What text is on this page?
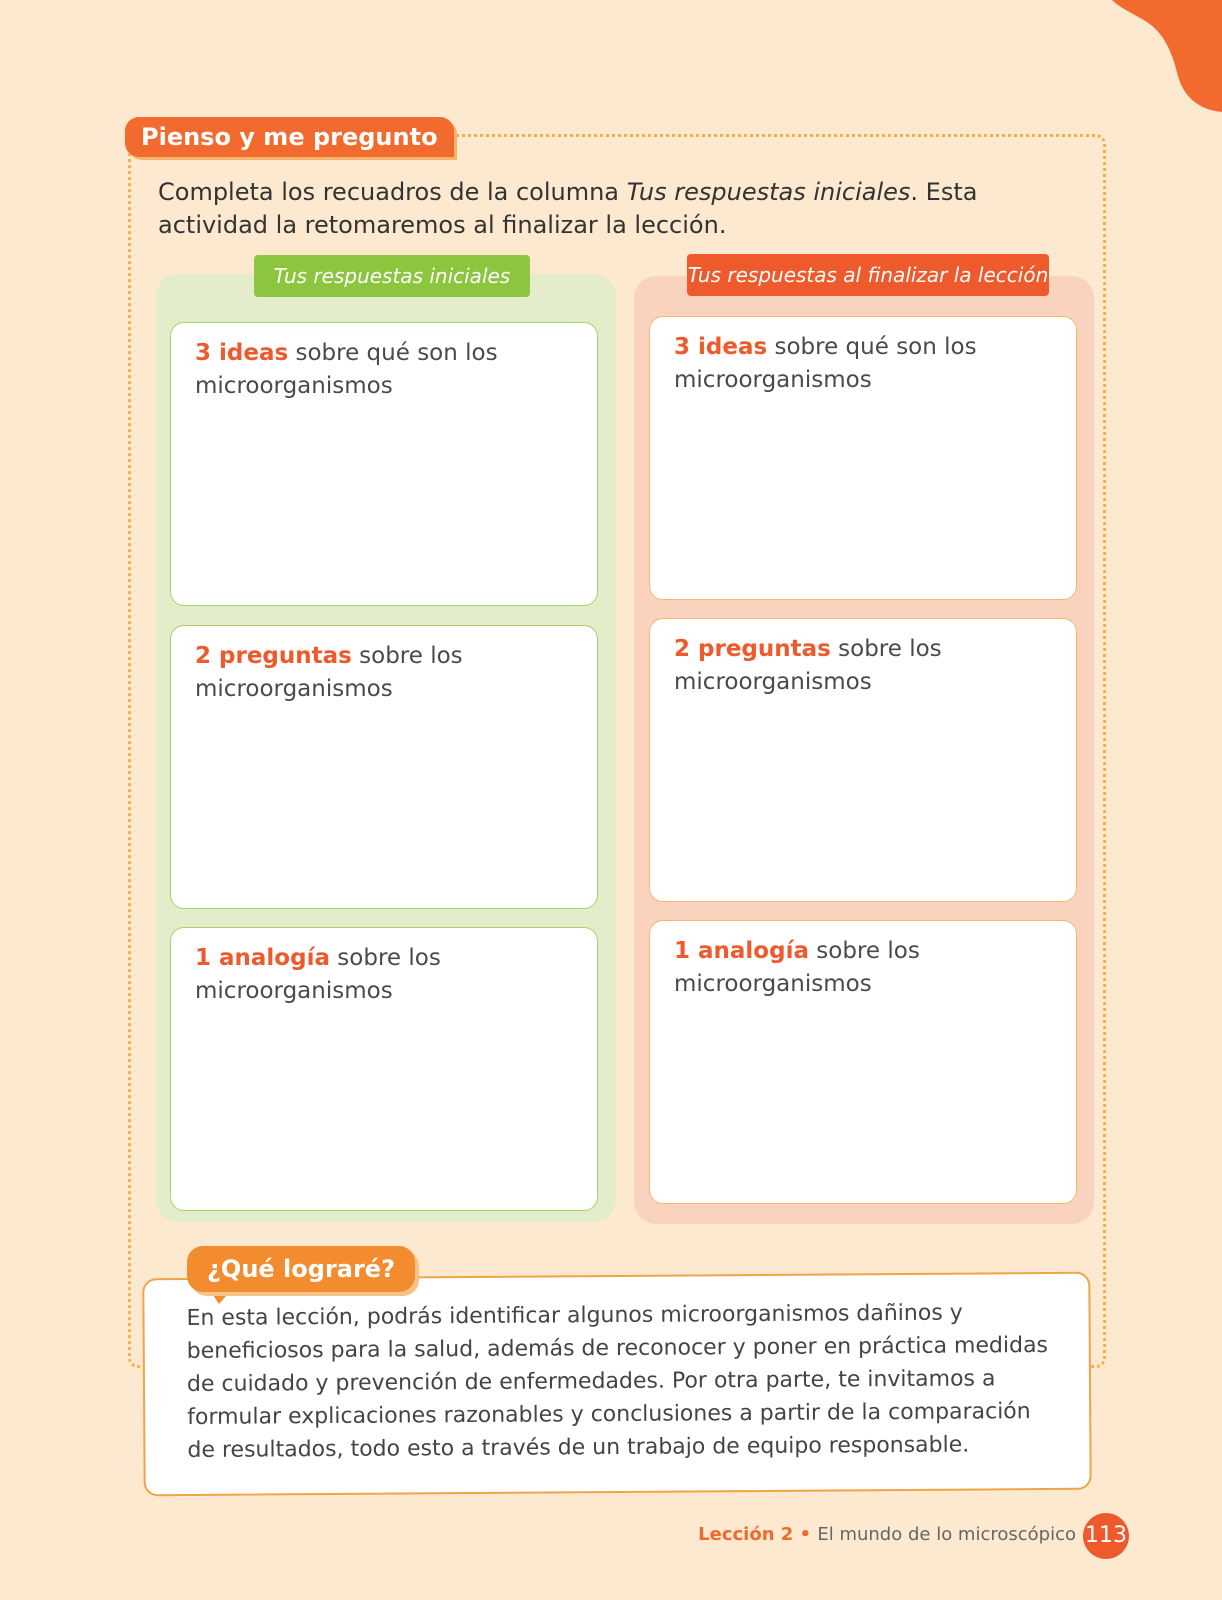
Pienso y me pregunto
Completa los recuadros de la columna Tus respuestas iniciales. Esta actividad la retomaremos al finalizar la lección.
Tus respuestas iniciales	Tus respuestas al finalizar la lección
3 ideas sobre qué son los microorganismos
2 preguntas sobre los microorganismos
1 analogía sobre los microorganismos
3 ideas sobre qué son los microorganismos
2 preguntas sobre los microorganismos
1 analogía sobre los microorganismos
En esta lección, podrás identificar algunos microorganismos dañinos y beneficiosos para la salud, además de reconocer y poner en práctica medidas de cuidado y prevención de enfermedades. Por otra parte, te invitamos a formular explicaciones razonables y conclusiones a partir de la comparación de resultados, todo esto a través de un trabajo de equipo responsable.
¿Qué lograré?
Lección 2 • El mundo de lo microscópico 113
